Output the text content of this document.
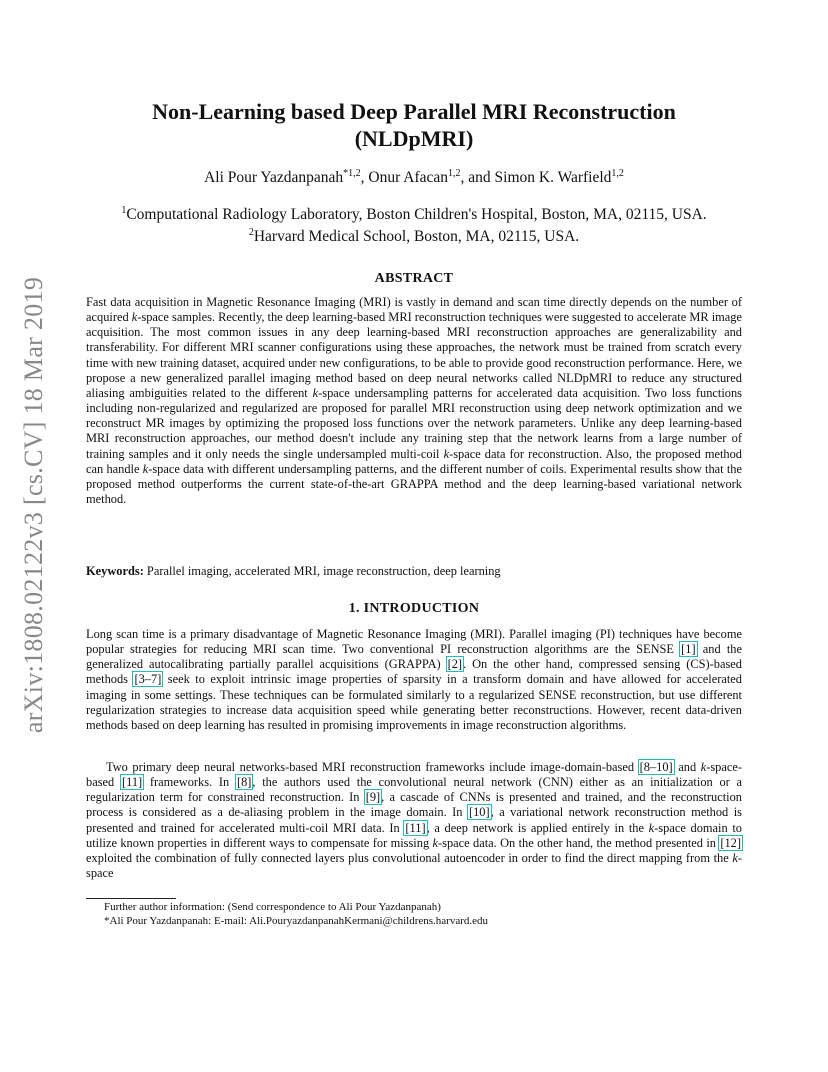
arXiv:1808.02122v3 [cs.CV] 18 Mar 2019
Non-Learning based Deep Parallel MRI Reconstruction
(NLDpMRI)
Ali Pour Yazdanpanah$^{*1,2}$, Onur Afacan$^{1,2}$, and Simon K. Warfield$^{1,2}$
$^1$Computational Radiology Laboratory, Boston Children's Hospital, Boston, MA, 02115, USA.
$^2$Harvard Medical School, Boston, MA, 02115, USA.
ABSTRACT
Fast data acquisition in Magnetic Resonance Imaging (MRI) is vastly in demand and scan time directly depends on the number of acquired k-space samples. Recently, the deep learning-based MRI reconstruction techniques were suggested to accelerate MR image acquisition. The most common issues in any deep learning-based MRI reconstruction approaches are generalizability and transferability. For different MRI scanner configurations using these approaches, the network must be trained from scratch every time with new training dataset, acquired under new configurations, to be able to provide good reconstruction performance. Here, we propose a new generalized parallel imaging method based on deep neural networks called NLDpMRI to reduce any structured aliasing ambiguities related to the different k-space undersampling patterns for accelerated data acquisition. Two loss functions including non-regularized and regularized are proposed for parallel MRI reconstruction using deep network optimization and we reconstruct MR images by optimizing the proposed loss functions over the network parameters. Unlike any deep learning-based MRI reconstruction approaches, our method doesn't include any training step that the network learns from a large number of training samples and it only needs the single undersampled multi-coil k-space data for reconstruction. Also, the proposed method can handle k-space data with different undersampling patterns, and the different number of coils. Experimental results show that the proposed method outperforms the current state-of-the-art GRAPPA method and the deep learning-based variational network method.
Keywords: Parallel imaging, accelerated MRI, image reconstruction, deep learning
1. INTRODUCTION
Long scan time is a primary disadvantage of Magnetic Resonance Imaging (MRI). Parallel imaging (PI) techniques have become popular strategies for reducing MRI scan time. Two conventional PI reconstruction algorithms are the SENSE [1] and the generalized autocalibrating partially parallel acquisitions (GRAPPA) [2]. On the other hand, compressed sensing (CS)-based methods [3–7] seek to exploit intrinsic image properties of sparsity in a transform domain and have allowed for accelerated imaging in some settings. These techniques can be formulated similarly to a regularized SENSE reconstruction, but use different regularization strategies to increase data acquisition speed while generating better reconstructions. However, recent data-driven methods based on deep learning has resulted in promising improvements in image reconstruction algorithms.
Two primary deep neural networks-based MRI reconstruction frameworks include image-domain-based [8–10] and k-space-based [11] frameworks. In [8], the authors used the convolutional neural network (CNN) either as an initialization or a regularization term for constrained reconstruction. In [9], a cascade of CNNs is presented and trained, and the reconstruction process is considered as a de-aliasing problem in the image domain. In [10], a variational network reconstruction method is presented and trained for accelerated multi-coil MRI data. In [11], a deep network is applied entirely in the k-space domain to utilize known properties in different ways to compensate for missing k-space data. On the other hand, the method presented in [12] exploited the combination of fully connected layers plus convolutional autoencoder in order to find the direct mapping from the k-space
Further author information: (Send correspondence to Ali Pour Yazdanpanah)
*Ali Pour Yazdanpanah: E-mail: Ali.PouryazdanpanahKermani@childrens.harvard.edu
